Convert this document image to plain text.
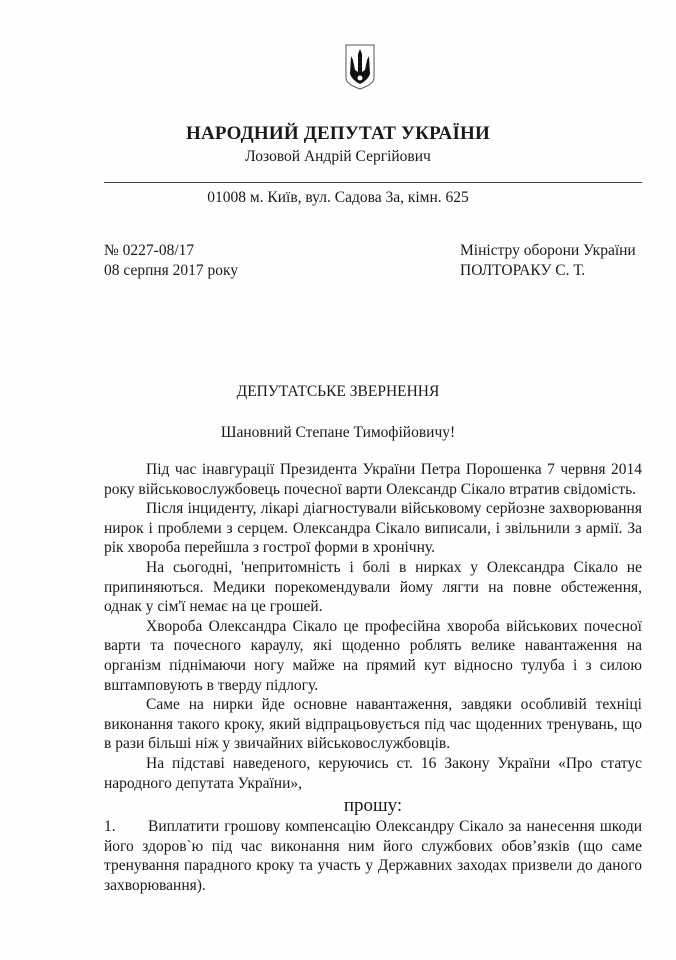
НАРОДНИЙ ДЕПУТАТ УКРАЇНИ
Лозовой Андрій Сергійович
01008 м. Київ, вул. Садова 3а, кімн. 625
№ 0227-08/17
08 серпня 2017 року
Міністру оборони України
ПОЛТОРАКУ С. Т.
ДЕПУТАТСЬКЕ ЗВЕРНЕННЯ
Шановний Степане Тимофійовичу!

Під час інавгурації Президента України Петра Порошенка 7 червня 2014 року військовослужбовець почесної варти Олександр Сікало втратив свідомість.

Після інциденту, лікарі діагностували військовому серйозне захворювання нирок і проблеми з серцем. Олександра Сікало виписали, і звільнили з армії. За рік хвороба перейшла з гострої форми в хронічну.

На сьогодні, 'непритомність і болі в нирках у Олександра Сікало не припиняються. Медики порекомендували йому лягти на повне обстеження, однак у сім'ї немає на це грошей.

Хвороба Олександра Сікало це професійна хвороба військових почесної варти та почесного караулу, які щоденно роблять велике навантаження на організм піднімаючи ногу майже на прямий кут відносно тулуба і з силою вштамповують в тверду підлогу.

Саме на нирки йде основне навантаження, завдяки особливій техніці виконання такого кроку, який відпрацьовується під час щоденних тренувань, що в рази більші ніж у звичайних військовослужбовців.

На підставі наведеного, керуючись ст. 16 Закону України «Про статус народного депутата України»,

прошу:

1. Виплатити грошову компенсацію Олександру Сікало за нанесення шкоди його здоров`ю під час виконання ним його службових обов’язків (що саме тренування парадного кроку та участь у Державних заходах призвели до даного захворювання).
